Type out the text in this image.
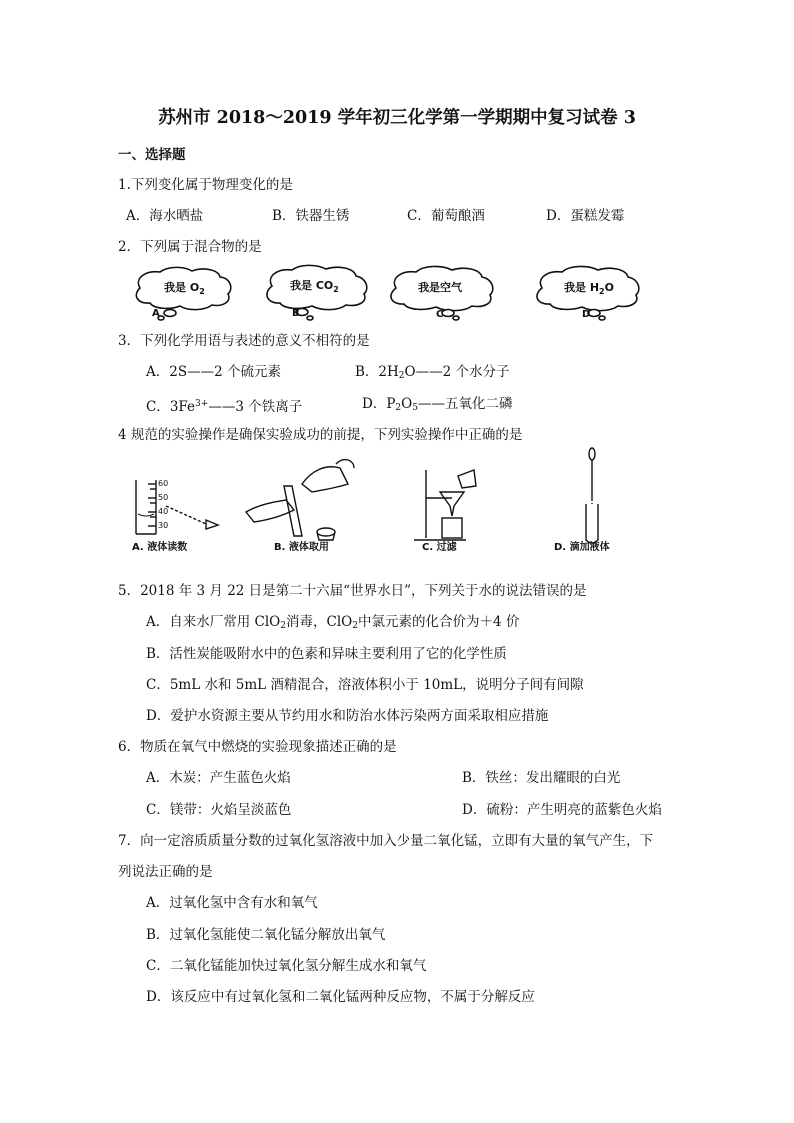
苏州市 2018～2019 学年初三化学第一学期期中复习试卷 3
一、选择题
1.下列变化属于物理变化的是
A．海水晒盐	B．铁器生锈	C．葡萄酿酒	D．蛋糕发霉
2．下列属于混合物的是
我是 $O_2$	我是 $CO_2$	我是空气	我是 $H_2O$
A	B	C	D
3．下列化学用语与表述的意义不相符的是
A．2S——2 个硫元素	B．$2H_2O——2$ 个水分子
C．$3Fe^{3+}——3$ 个铁离子	D．$P_2O_5——$五氧化二磷
4 规范的实验操作是确保实验成功的前提，下列实验操作中正确的是
60
50
40
30
A. 液体读数	B. 液体取用	C. 过滤	D. 滴加液体
5．2018 年 3 月 22 日是第二十六届“世界水日”，下列关于水的说法错误的是
A．自来水厂常用 ClO$_2$消毒，ClO$_2$中氯元素的化合价为＋4 价
B．活性炭能吸附水中的色素和异味主要利用了它的化学性质
C．5mL 水和 5mL 酒精混合，溶液体积小于 10mL，说明分子间有间隙
D．爱护水资源主要从节约用水和防治水体污染两方面采取相应措施
6．物质在氧气中燃烧的实验现象描述正确的是
A．木炭：产生蓝色火焰	B．铁丝：发出耀眼的白光
C．镁带：火焰呈淡蓝色	D．硫粉：产生明亮的蓝紫色火焰
7．向一定溶质质量分数的过氧化氢溶液中加入少量二氧化锰，立即有大量的氧气产生，下
列说法正确的是
A．过氧化氢中含有水和氧气
B．过氧化氢能使二氧化锰分解放出氧气
C．二氧化锰能加快过氧化氢分解生成水和氧气
D．该反应中有过氧化氢和二氧化锰两种反应物，不属于分解反应
